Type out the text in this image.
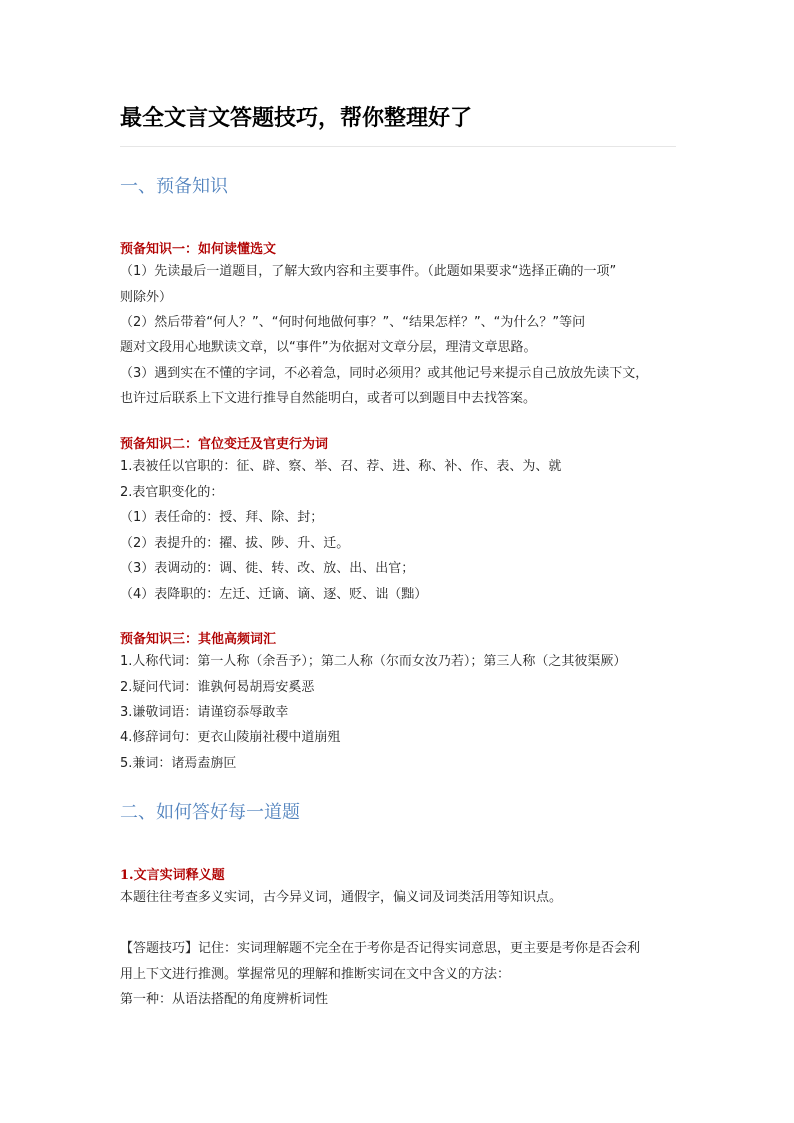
最全文言文答题技巧，帮你整理好了
一、预备知识
预备知识一：如何读懂选文
（1）先读最后一道题目，了解大致内容和主要事件。（此题如果要求“选择正确的一项”
则除外）
（2）然后带着“何人？”、“何时何地做何事？”、“结果怎样？”、“为什么？”等问
题对文段用心地默读文章，以“事件”为依据对文章分层，理清文章思路。
（3）遇到实在不懂的字词，不必着急，同时必须用？或其他记号来提示自己放放先读下文，
也许过后联系上下文进行推导自然能明白，或者可以到题目中去找答案。
预备知识二：官位变迁及官吏行为词
1.表被任以官职的：征、辟、察、举、召、荐、进、称、补、作、表、为、就
2.表官职变化的：
（1）表任命的：授、拜、除、封；
（2）表提升的：擢、拔、陟、升、迁。
（3）表调动的：调、徙、转、改、放、出、出官；
（4）表降职的：左迁、迁谪、谪、逐、贬、诎（黜）
预备知识三：其他高频词汇
1.人称代词：第一人称（余吾予）；第二人称（尔而女汝乃若）；第三人称（之其彼渠厥）
2.疑问代词：谁孰何曷胡焉安奚恶
3.谦敬词语：请谨窃忝辱敢幸
4.修辞词句：更衣山陵崩社稷中道崩殂
5.兼词：诸焉盍旃叵
二、如何答好每一道题
1.文言实词释义题
本题往往考查多义实词，古今异义词，通假字，偏义词及词类活用等知识点。
【答题技巧】记住：实词理解题不完全在于考你是否记得实词意思，更主要是考你是否会利
用上下文进行推测。掌握常见的理解和推断实词在文中含义的方法：
第一种：从语法搭配的角度辨析词性
